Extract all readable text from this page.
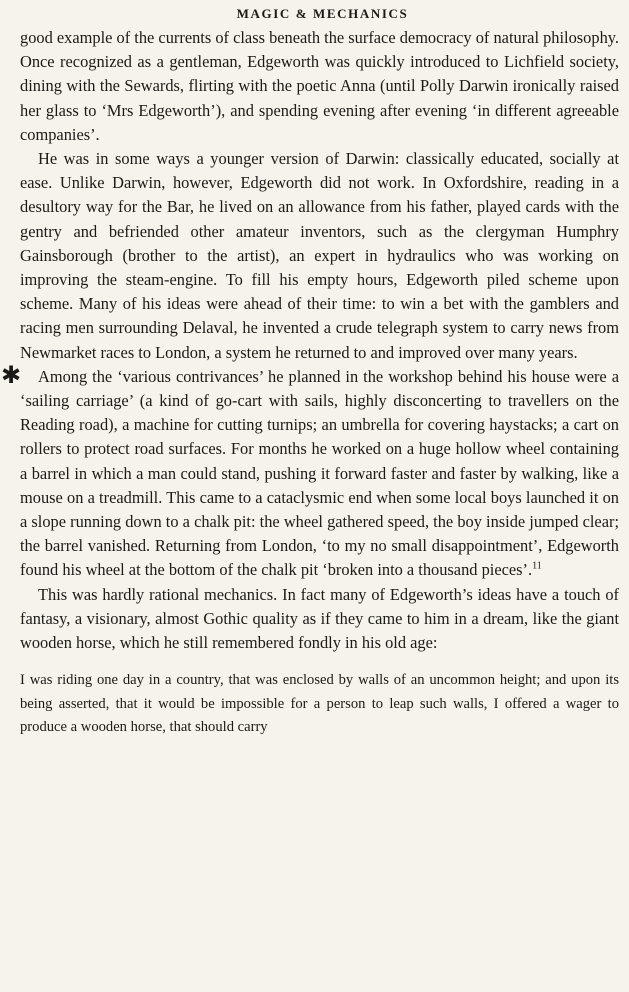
MAGIC & MECHANICS

good example of the currents of class beneath the surface democracy of natural philosophy. Once recognized as a gentleman, Edgeworth was quickly introduced to Lichfield society, dining with the Sewards, flirting with the poetic Anna (until Polly Darwin ironically raised her glass to ‘Mrs Edgeworth’), and spending evening after evening ‘in different agreeable companies’.

He was in some ways a younger version of Darwin: classically educated, socially at ease. Unlike Darwin, however, Edgeworth did not work. In Oxfordshire, reading in a desultory way for the Bar, he lived on an allowance from his father, played cards with the gentry and befriended other amateur inventors, such as the clergyman Humphry Gainsborough (brother to the artist), an expert in hydraulics who was working on improving the steam-engine. To fill his empty hours, Edgeworth piled scheme upon scheme. Many of his ideas were ahead of their time: to win a bet with the gamblers and racing men surrounding Delaval, he invented a crude telegraph system to carry news from Newmarket races to London, a system he returned to and improved over many years.

✱	Among the ‘various contrivances’ he planned in the workshop behind his house were a ‘sailing carriage’ (a kind of go-cart with sails, highly disconcerting to travellers on the Reading road), a machine for cutting turnips; an umbrella for covering haystacks; a cart on rollers to protect road surfaces. For months he worked on a huge hollow wheel containing a barrel in which a man could stand, pushing it forward faster and faster by walking, like a mouse on a treadmill. This came to a cataclysmic end when some local boys launched it on a slope running down to a chalk pit: the wheel gathered speed, the boy inside jumped clear; the barrel vanished. Returning from London, ‘to my no small disappointment’, Edgeworth found his wheel at the bottom of the chalk pit ‘broken into a thousand pieces’.$^{11}$

This was hardly rational mechanics. In fact many of Edgeworth’s ideas have a touch of fantasy, a visionary, almost Gothic quality as if they came to him in a dream, like the giant wooden horse, which he still remembered fondly in his old age:

I was riding one day in a country, that was enclosed by walls of an uncommon height; and upon its being asserted, that it would be impossible for a person to leap such walls, I offered a wager to produce a wooden horse, that should carry
